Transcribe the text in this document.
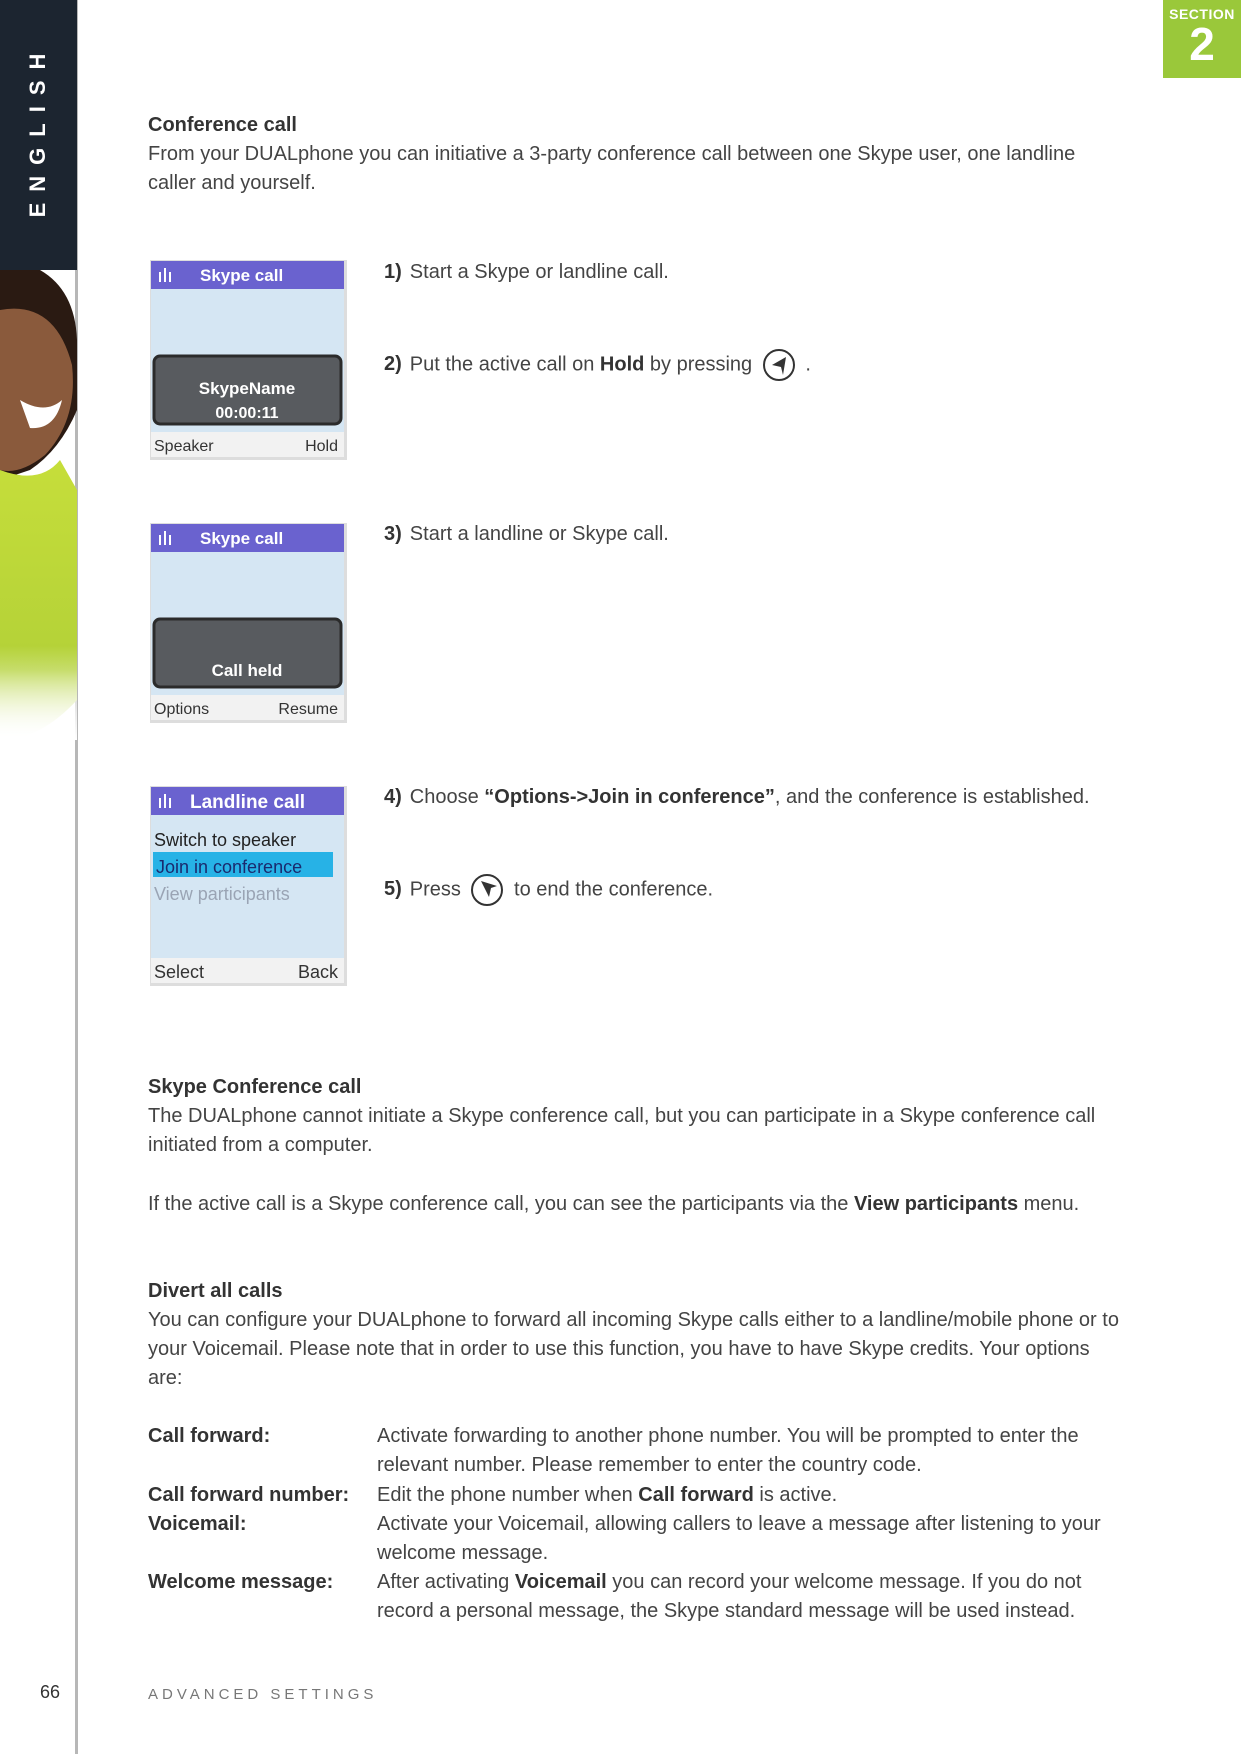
ENGLISH
SECTION
2
Conference call

From your DUALphone you can initiative a 3-party conference call between one Skype user, one landline caller and yourself.

Skype call
SkypeName
00:00:11
Speaker	Hold
Skype call
Call held
Options	Resume
Landline call
Switch to speaker
Join in conference
View participants
Select	Back
1) Start a Skype or landline call.
2) Put the active call on Hold by pressing	.
3) Start a landline or Skype call.
4) Choose “Options->Join in conference”, and the conference is established.
5) Press	to end the conference.
Skype Conference call

The DUALphone cannot initiate a Skype conference call, but you can participate in a Skype conference call initiated from a computer.

If the active call is a Skype conference call, you can see the participants via the View participants menu.

Divert all calls

You can configure your DUALphone to forward all incoming Skype calls either to a landline/mobile phone or to your Voicemail. Please note that in order to use this function, you have to have Skype credits. Your options are:

Call forward:	Activate forwarding to another phone number. You will be prompted to enter the relevant number. Please remember to enter the country code.

Call forward number: Edit the phone number when Call forward is active.

Voicemail:	Activate your Voicemail, allowing callers to leave a message after listening to your welcome message.

Welcome message: After activating Voicemail you can record your welcome message. If you do not record a personal message, the Skype standard message will be used instead.

66	ADVANCED SETTINGS
